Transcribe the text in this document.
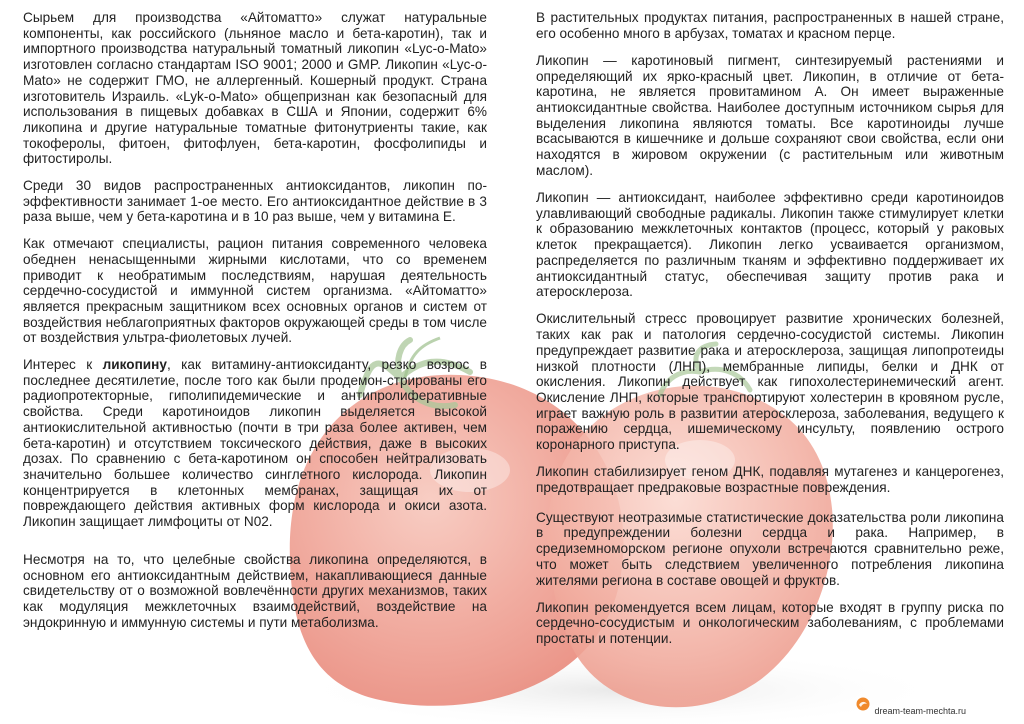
Сырьем для производства «Айтоматто» служат натуральные компоненты, как российского (льняное масло и бета-каротин), так и импортного производства натуральный томатный ликопин «Lyc-o-Mato» изготовлен согласно стандартам ISO 9001; 2000 и GMP. Ликопин «Lyc-o-Mato» не содержит ГМО, не аллергенный. Кошерный продукт. Страна изготовитель Израиль. «Lyk-o-Mato» общепризнан как безопасный для использования в пищевых добавках в США и Японии, содержит 6% ликопина и другие натуральные томатные фитонутриенты такие, как токоферолы, фитоен, фитофлуен, бета-каротин, фосфолипиды и фитостиролы.

Среди 30 видов распространенных антиоксидантов, ликопин по-эффективности занимает 1-ое место. Его антиоксидантное действие в 3 раза выше, чем у бета-каротина и в 10 раз выше, чем у витамина Е.

Как отмечают специалисты, рацион питания современного человека обеднен ненасыщенными жирными кислотами, что со временем приводит к необратимым последствиям, нарушая деятельность сердечно-сосудистой и иммунной систем организма. «Айтоматто» является прекрасным защитником всех основных органов и систем от воздействия неблагоприятных факторов окружающей среды в том числе от воздействия ультра-фиолетовых лучей.

Интерес к ликопину, как витамину-антиоксиданту, резко возрос в последнее десятилетие, после того как были продемон-стрированы его радиопротекторные, гиполипидемические и антипролиферативные свойства. Среди каротиноидов ликопин выделяется высокой антиокислительной активностью (почти в три раза более активен, чем бета-каротин) и отсутствием токсического действия, даже в высоких дозах. По сравнению с бета-каротином он способен нейтрализовать значительно большее количество синглетного кислорода. Ликопин концентрируется в клетонных мембранах, защищая их от повреждающего действия активных форм кислорода и окиси азота. Ликопин защищает лимфоциты от N02.

Несмотря на то, что целебные свойства ликопина определяются, в основном его антиоксидантным действием, накапливающиеся данные свидетельству от о возможной вовлечённости других механизмов, таких как модуляция межклеточных взаимодействий, воздействие на эндокринную и иммунную системы и пути метаболизма.

В растительных продуктах питания, распространенных в нашей стране, его особенно много в арбузах, томатах и красном перце.

Ликопин — каротиновый пигмент, синтезируемый растениями и определяющий их ярко-красный цвет. Ликопин, в отличие от бета-каротина, не является провитамином А. Он имеет выраженные антиоксидантные свойства. Наиболее доступным источником сырья для выделения ликопина являются томаты. Все каротиноиды лучше всасываются в кишечнике и дольше сохраняют свои свойства, если они находятся в жировом окружении (с растительным или животным маслом).

Ликопин — антиоксидант, наиболее эффективно среди каротиноидов улавливающий свободные радикалы. Ликопин также стимулирует клетки к образованию межклеточных контактов (процесс, который у раковых клеток прекращается). Ликопин легко усваивается организмом, распределяется по различным тканям и эффективно поддерживает их антиоксидантный статус, обеспечивая защиту против рака и атеросклероза.

Окислительный стресс провоцирует развитие хронических болезней, таких как рак и патология сердечно-сосудистой системы. Ликопин предупреждает развитие рака и атеросклероза, защищая липопротеиды низкой плотности (ЛНП), мембранные липиды, белки и ДНК от окисления. Ликопин действует как гипохолестеринемический агент. Окисление ЛНП, которые транспортируют холестерин в кровяном русле, играет важную роль в развитии атеросклероза, заболевания, ведущего к поражению сердца, ишемическому инсульту, появлению острого коронарного приступа.

Ликопин стабилизирует геном ДНК, подавляя мутагенез и канцерогенез, предотвращает предраковые возрастные повреждения.

Существуют неотразимые статистические доказательства роли ликопина в предупреждении болезни сердца и рака. Например, в средиземноморском регионе опухоли встречаются сравнительно реже, что может быть следствием увеличенного потребления ликопина жителями региона в составе овощей и фруктов.

Ликопин рекомендуется всем лицам, которые входят в группу риска по сердечно-сосудистым и онкологическим заболеваниям, с проблемами простаты и потенции.

dream-team-mechta.ru
